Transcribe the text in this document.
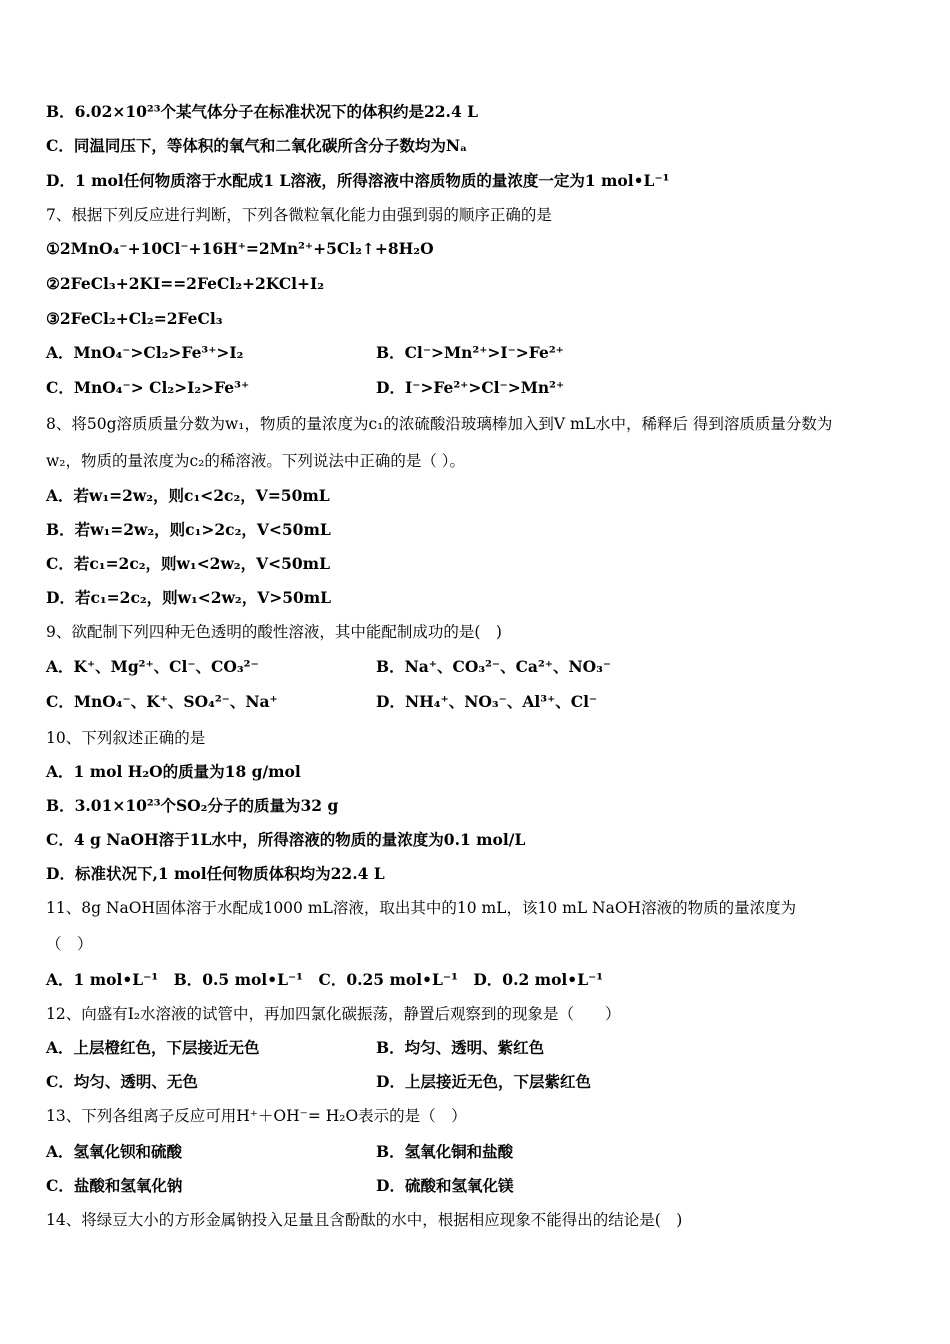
B．6.02×10²³个某气体分子在标准状况下的体积约是22.4 L
C．同温同压下，等体积的氧气和二氧化碳所含分子数均为Nₐ
D．1 mol任何物质溶于水配成1 L溶液，所得溶液中溶质物质的量浓度一定为1 mol•L⁻¹
7、根据下列反应进行判断，下列各微粒氧化能力由强到弱的顺序正确的是
①2MnO₄⁻+10Cl⁻+16H⁺=2Mn²⁺+5Cl₂↑+8H₂O
②2FeCl₃+2KI==2FeCl₂+2KCl+I₂
③2FeCl₂+Cl₂=2FeCl₃
A．MnO₄⁻>Cl₂>Fe³⁺>I₂	B．Cl⁻>Mn²⁺>I⁻>Fe²⁺
C．MnO₄⁻> Cl₂>I₂>Fe³⁺	D．I⁻>Fe²⁺>Cl⁻>Mn²⁺
8、将50g溶质质量分数为w₁，物质的量浓度为c₁的浓硫酸沿玻璃棒加入到V mL水中，稀释后 得到溶质质量分数为
w₂，物质的量浓度为c₂的稀溶液。下列说法中正确的是（ ）。
A．若w₁=2w₂，则c₁<2c₂，V=50mL
B．若w₁=2w₂，则c₁>2c₂，V<50mL
C．若c₁=2c₂，则w₁<2w₂，V<50mL
D．若c₁=2c₂，则w₁<2w₂，V>50mL
9、欲配制下列四种无色透明的酸性溶液，其中能配制成功的是(　)
A．K⁺、Mg²⁺、Cl⁻、CO₃²⁻	B．Na⁺、CO₃²⁻、Ca²⁺、NO₃⁻
C．MnO₄⁻、K⁺、SO₄²⁻、Na⁺	D．NH₄⁺、NO₃⁻、Al³⁺、Cl⁻
10、下列叙述正确的是
A．1 mol H₂O的质量为18 g/mol
B．3.01×10²³个SO₂分子的质量为32 g
C．4 g NaOH溶于1L水中，所得溶液的物质的量浓度为0.1 mol/L
D．标准状况下,1 mol任何物质体积均为22.4 L
11、8g NaOH固体溶于水配成1000 mL溶液，取出其中的10 mL，该10 mL NaOH溶液的物质的量浓度为
（　）
A．1 mol•L⁻¹　B．0.5 mol•L⁻¹　C．0.25 mol•L⁻¹　D．0.2 mol•L⁻¹
12、向盛有I₂水溶液的试管中，再加四氯化碳振荡，静置后观察到的现象是（　　）
A．上层橙红色，下层接近无色	B．均匀、透明、紫红色
C．均匀、透明、无色	D．上层接近无色，下层紫红色
13、下列各组离子反应可用H⁺＋OH⁻= H₂O表示的是（　）
A．氢氧化钡和硫酸	B．氢氧化铜和盐酸
C．盐酸和氢氧化钠	D．硫酸和氢氧化镁
14、将绿豆大小的方形金属钠投入足量且含酚酞的水中，根据相应现象不能得出的结论是(　)
